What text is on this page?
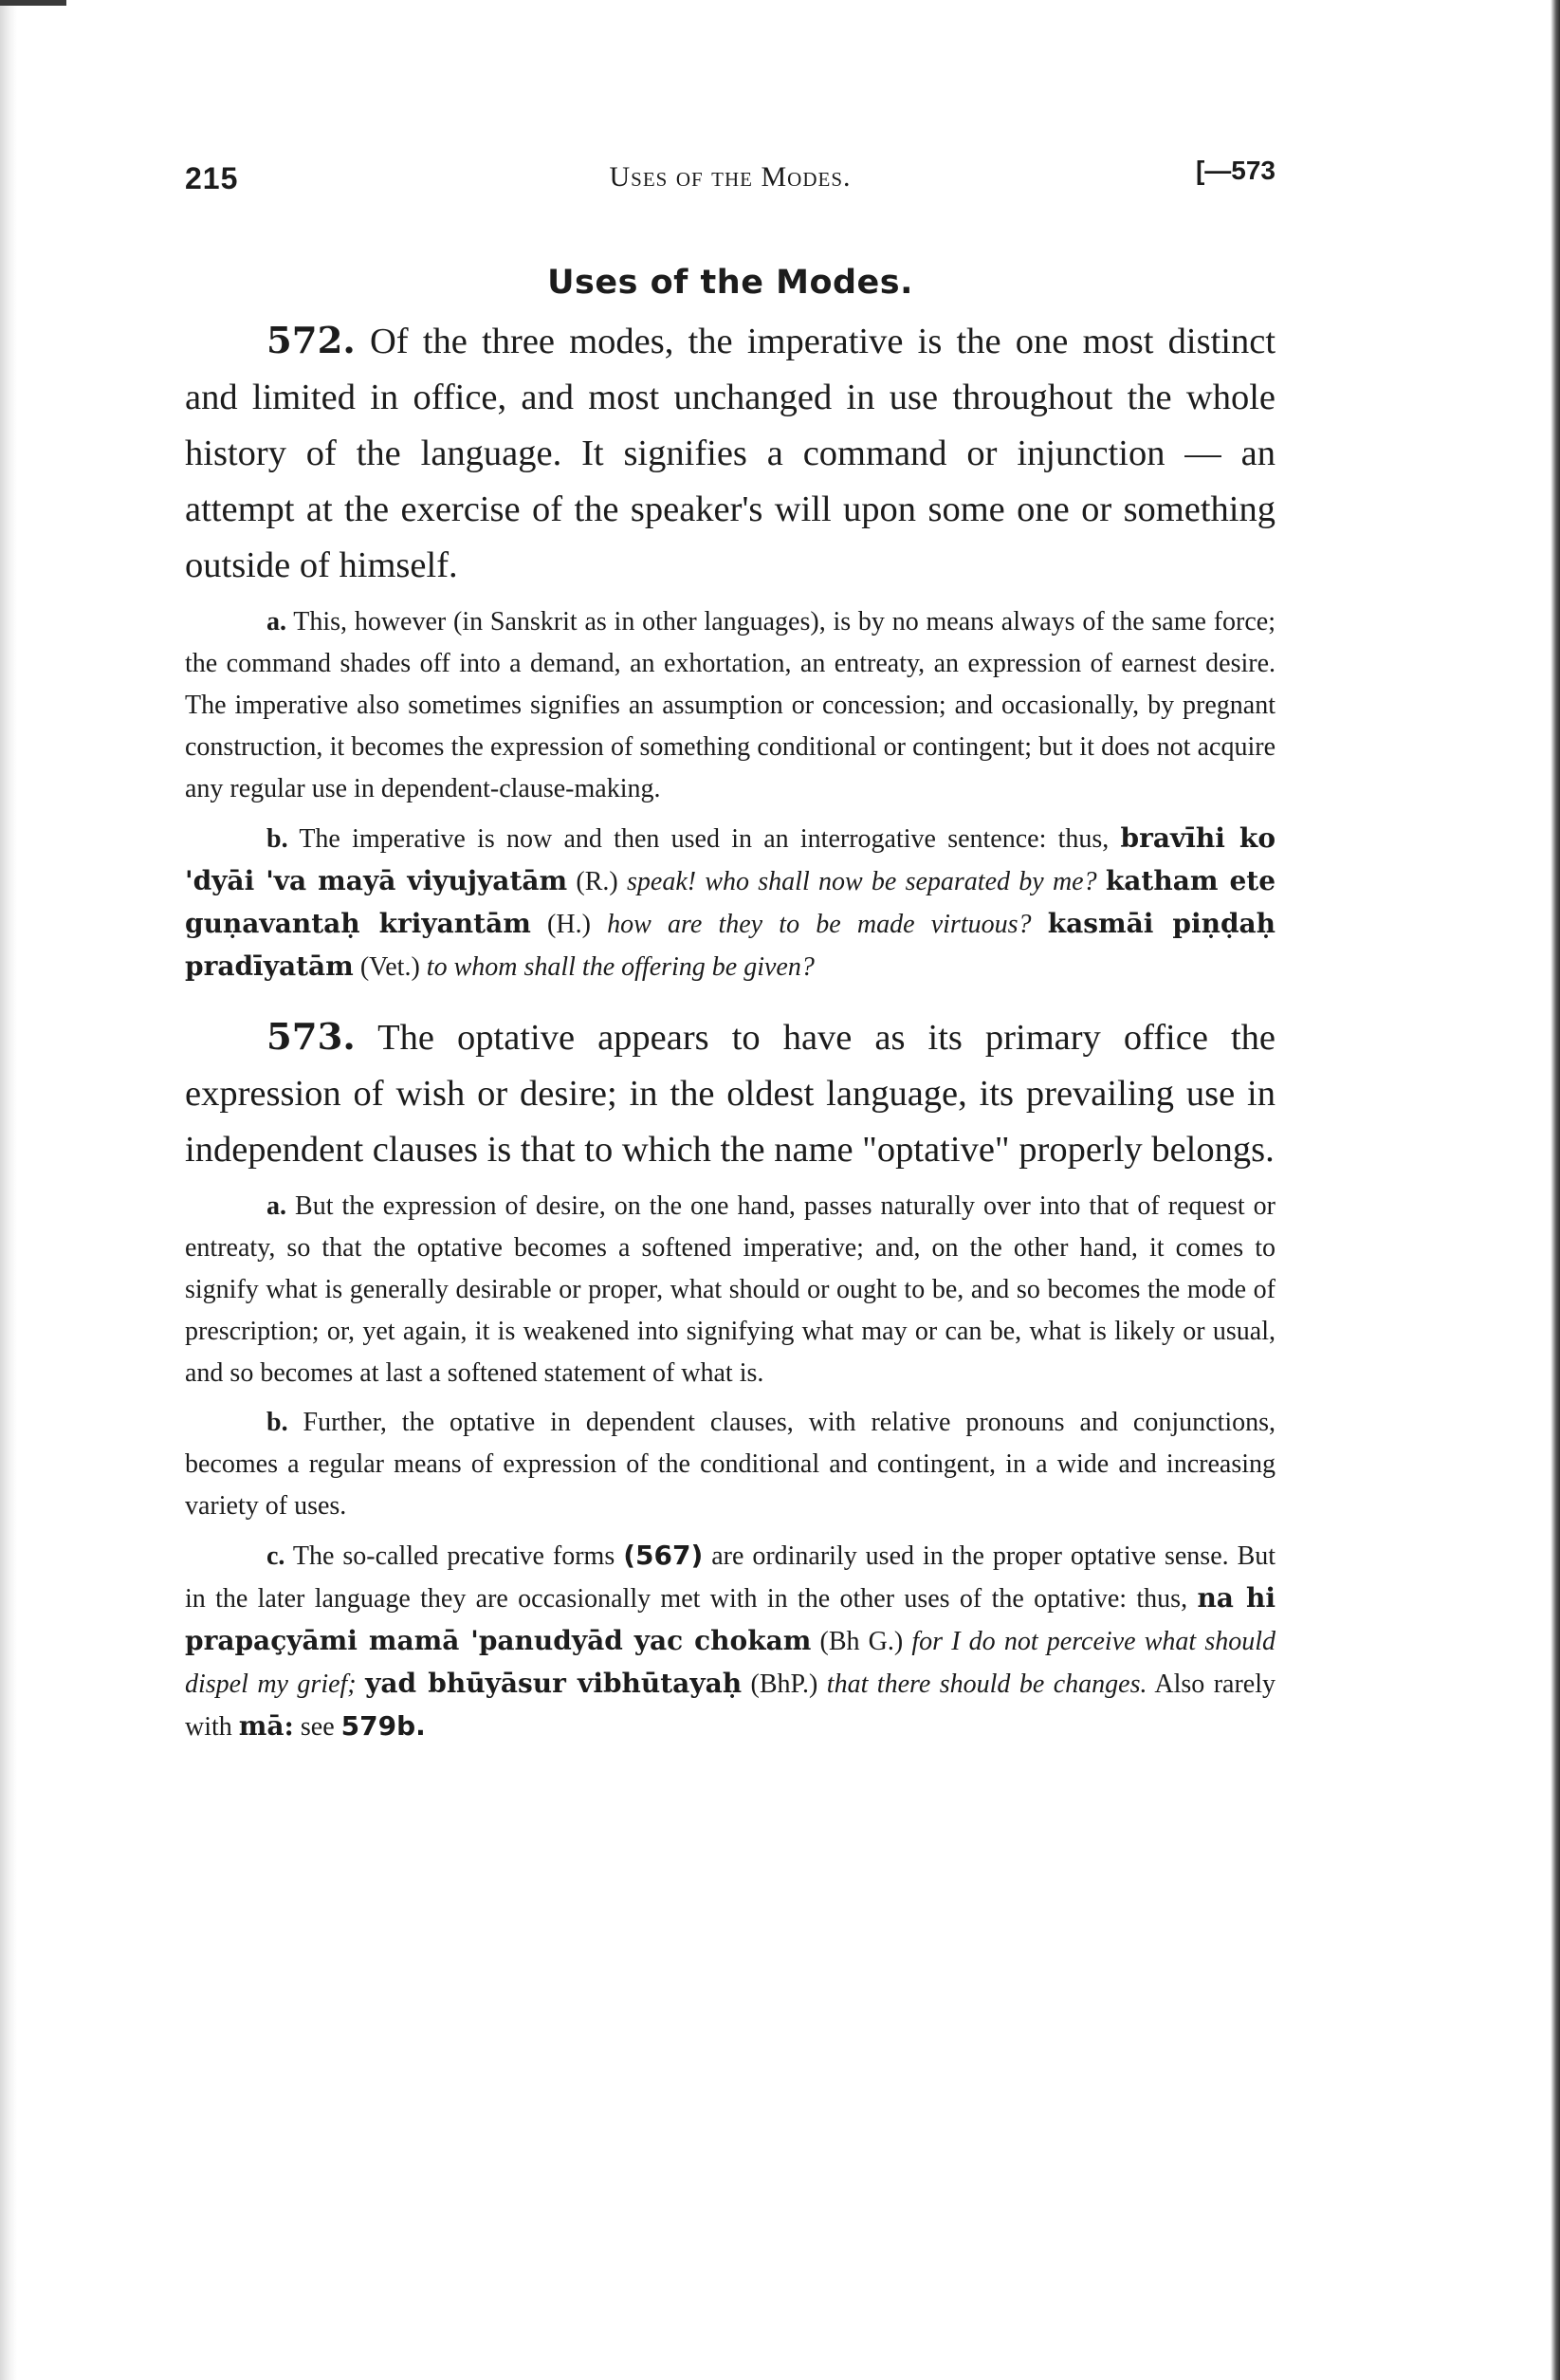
215	Uses of the Modes.	[—573
Uses of the Modes.

572. Of the three modes, the imperative is the one most distinct and limited in office, and most unchanged in use throughout the whole history of the language. It signifies a command or injunction — an attempt at the exercise of the speaker's will upon some one or something outside of himself.

a. This, however (in Sanskrit as in other languages), is by no means always of the same force; the command shades off into a demand, an exhortation, an entreaty, an expression of earnest desire. The imperative also sometimes signifies an assumption or concession; and occasionally, by pregnant construction, it becomes the expression of something conditional or contingent; but it does not acquire any regular use in dependent-clause-making.

b. The imperative is now and then used in an interrogative sentence: thus, bravīhi ko 'dyāi 'va mayā viyujyatām (R.) speak! who shall now be separated by me? katham ete guṇavantaḥ kriyantām (H.) how are they to be made virtuous? kasmāi piṇḍaḥ pradīyatām (Vet.) to whom shall the offering be given?

573. The optative appears to have as its primary office the expression of wish or desire; in the oldest language, its prevailing use in independent clauses is that to which the name "optative" properly belongs.

a. But the expression of desire, on the one hand, passes naturally over into that of request or entreaty, so that the optative becomes a softened imperative; and, on the other hand, it comes to signify what is generally desirable or proper, what should or ought to be, and so becomes the mode of prescription; or, yet again, it is weakened into signifying what may or can be, what is likely or usual, and so becomes at last a softened statement of what is.

b. Further, the optative in dependent clauses, with relative pronouns and conjunctions, becomes a regular means of expression of the conditional and contingent, in a wide and increasing variety of uses.

c. The so-called precative forms (567) are ordinarily used in the proper optative sense. But in the later language they are occasionally met with in the other uses of the optative: thus, na hi prapaçyāmi mamā 'panudyād yac chokam (Bh G.) for I do not perceive what should dispel my grief; yad bhūyāsur vibhūtayaḥ (BhP.) that there should be changes. Also rarely with mā: see 579b.
